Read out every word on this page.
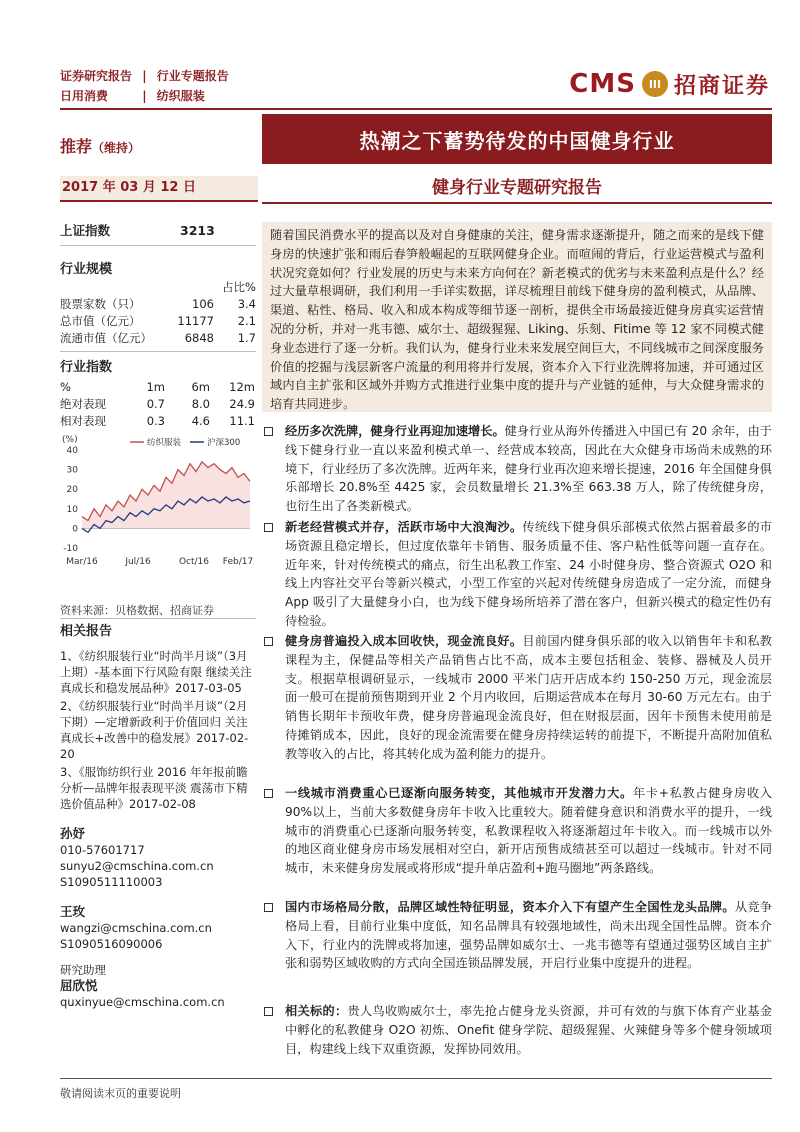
证券研究报告 | 行业专题报告
日用消费	| 纺织服装	CMS	III 招商证券
推荐（维持）	热潮之下蓄势待发的中国健身行业
2017 年 03 月 12 日	健身行业专题研究报告
上证指数	3213
行业规模
占比%
股票家数（只）	106	3.4
总市值（亿元）	11177	2.1
流通市值（亿元）	6848	1.7
行业指数
%	1m	6m	12m
绝对表现	0.7	8.0	24.9
相对表现	0.3	4.6	11.1
(%)
-10
0
10
20
30
40
纺织服装	沪深300
Mar/16	Jul/16	Oct/16 Feb/17
资料来源：贝格数据、招商证券
相关报告

1、《纺织服装行业“时尚半月谈”（3月上期）-基本面下行风险有限 继续关注真成长和稳发展品种》2017-03-05

2、《纺织服装行业“时尚半月谈”（2月下期）—定增新政利于价值回归 关注真成长+改善中的稳发展》2017-02-20

3、《服饰纺织行业 2016 年年报前瞻分析—品牌年报表现平淡 震荡市下精选价值品种》2017-02-08

孙妤
010-57601717
sunyu2@cmschina.com.cn
S1090511110003
王玫
wangzi@cmschina.com.cn
S1090516090006
研究助理
屈欣悦
quxinyue@cmschina.com.cn
随着国民消费水平的提高以及对自身健康的关注，健身需求逐渐提升，随之而来的是线下健身房的快速扩张和雨后春笋般崛起的互联网健身企业。而喧闹的背后，行业运营模式与盈利状况究竟如何？行业发展的历史与未来方向何在？新老模式的优劣与未来盈利点是什么？经过大量草根调研，我们利用一手详实数据，详尽梳理目前线下健身房的盈利模式，从品牌、渠道、粘性、格局、收入和成本构成等细节逐一剖析，提供全市场最接近健身房真实运营情况的分析，并对一兆韦德、威尔士、超级猩猩、Liking、乐刻、Fitime 等 12 家不同模式健身业态进行了逐一分析。我们认为，健身行业未来发展空间巨大，不同线城市之间深度服务价值的挖掘与浅层新客户流量的利用将并行发展，资本介入下行业洗牌将加速，并可通过区域内自主扩张和区域外并购方式推进行业集中度的提升与产业链的延伸，与大众健身需求的培育共同进步。
经历多次洗牌，健身行业再迎加速增长。健身行业从海外传播进入中国已有 20 余年，由于线下健身行业一直以来盈利模式单一、经营成本较高，因此在大众健身市场尚未成熟的环境下，行业经历了多次洗牌。近两年来，健身行业再次迎来增长提速，2016 年全国健身俱乐部增长 20.8%至 4425 家，会员数量增长 21.3%至 663.38 万人，除了传统健身房，也衍生出了各类新模式。
新老经营模式并存，活跃市场中大浪淘沙。传统线下健身俱乐部模式依然占据着最多的市场资源且稳定增长，但过度依靠年卡销售、服务质量不佳、客户粘性低等问题一直存在。近年来，针对传统模式的痛点，衍生出私教工作室、24 小时健身房、整合资源式 O2O 和线上内容社交平台等新兴模式，小型工作室的兴起对传统健身房造成了一定分流，而健身 App 吸引了大量健身小白，也为线下健身场所培养了潜在客户，但新兴模式的稳定性仍有待检验。
健身房普遍投入成本回收快，现金流良好。目前国内健身俱乐部的收入以销售年卡和私教课程为主，保健品等相关产品销售占比不高，成本主要包括租金、装修、器械及人员开支。根据草根调研显示，一线城市 2000 平米门店开店成本约 150-250 万元，现金流层面一般可在提前预售期到开业 2 个月内收回，后期运营成本在每月 30-60 万元左右。由于销售长期年卡预收年费，健身房普遍现金流良好，但在财报层面，因年卡预售未使用前是待摊销成本，因此，良好的现金流需要在健身房持续运转的前提下，不断提升高附加值私教等收入的占比，将其转化成为盈利能力的提升。
一线城市消费重心已逐渐向服务转变，其他城市开发潜力大。年卡+私教占健身房收入 90%以上，当前大多数健身房年卡收入比重较大。随着健身意识和消费水平的提升，一线城市的消费重心已逐渐向服务转变，私教课程收入将逐渐超过年卡收入。而一线城市以外的地区商业健身房市场发展相对空白，新开店预售成绩甚至可以超过一线城市。针对不同城市，未来健身房发展或将形成“提升单店盈利+跑马圈地”两条路线。
国内市场格局分散，品牌区域性特征明显，资本介入下有望产生全国性龙头品牌。从竞争格局上看，目前行业集中度低，知名品牌具有较强地域性，尚未出现全国性品牌。资本介入下，行业内的洗牌或将加速，强势品牌如威尔士、一兆韦德等有望通过强势区域自主扩张和弱势区域收购的方式向全国连锁品牌发展，开启行业集中度提升的进程。
相关标的：贵人鸟收购威尔士，率先抢占健身龙头资源，并可有效的与旗下体育产业基金中孵化的私教健身 O2O 初炼、Onefit 健身学院、超级猩猩、火辣健身等多个健身领域项目，构建线上线下双重资源，发挥协同效用。
敬请阅读末页的重要说明
